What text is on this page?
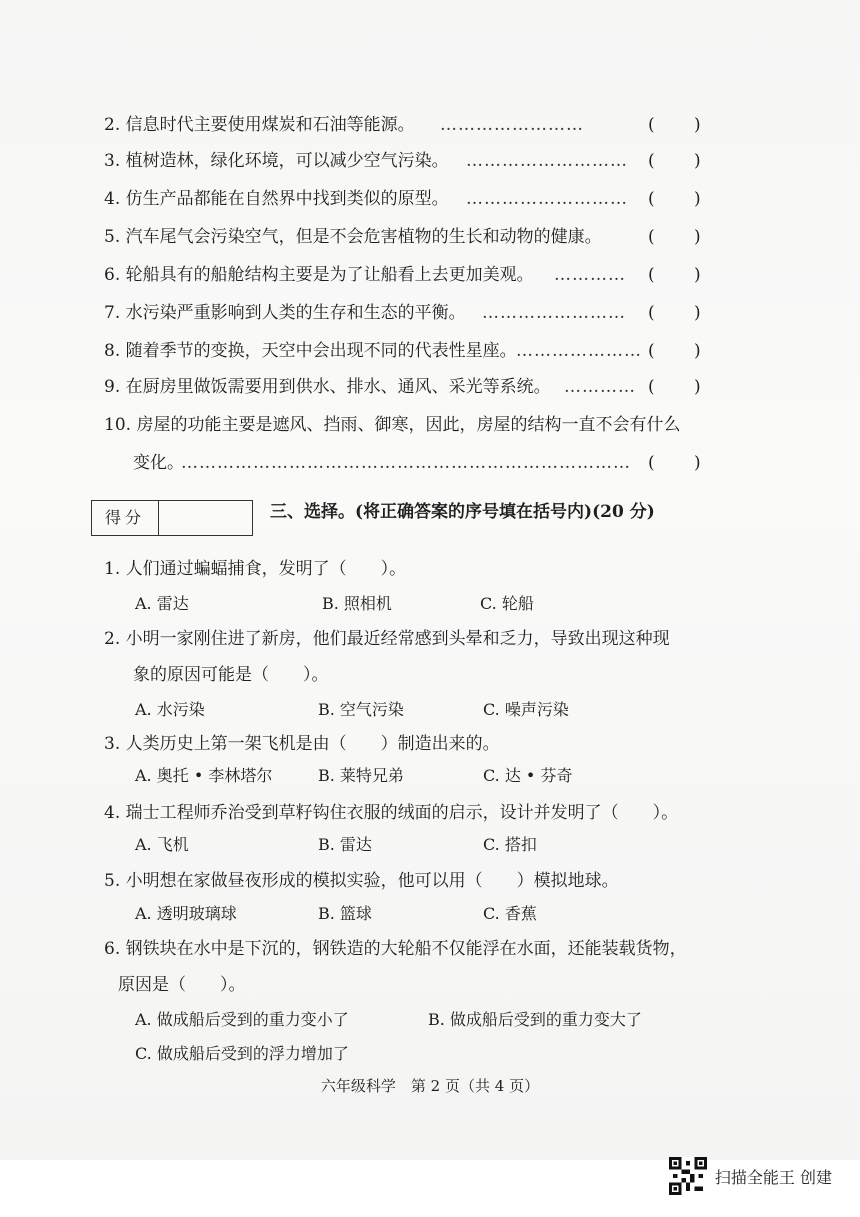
2. 信息时代主要使用煤炭和石油等能源。 ……………………	( )
3. 植树造林，绿化环境，可以减少空气污染。 ……………………… ( )
4. 仿生产品都能在自然界中找到类似的原型。 ……………………… ( )
5. 汽车尾气会污染空气，但是不会危害植物的生长和动物的健康。	( )
6. 轮船具有的船舱结构主要是为了让船看上去更加美观。 ………… ( )
7. 水污染严重影响到人类的生存和生态的平衡。 …………………… ( )
8. 随着季节的变换，天空中会出现不同的代表性星座。 ………………… ( )
9. 在厨房里做饭需要用到供水、排水、通风、采光等系统。 ………… ( )
10. 房屋的功能主要是遮风、挡雨、御寒，因此，房屋的结构一直不会有什么
变化。
…………………………………………………………………	( )
得分	三、选择。(将正确答案的序号填在括号内)(20 分)
1. 人们通过蝙蝠捕食，发明了（　　）。
A. 雷达	B. 照相机	C. 轮船
2. 小明一家刚住进了新房，他们最近经常感到头晕和乏力，导致出现这种现
象的原因可能是（　　）。
A. 水污染	B. 空气污染	C. 噪声污染
3. 人类历史上第一架飞机是由（　　）制造出来的。
A. 奥托 • 李林塔尔	B. 莱特兄弟	C. 达 • 芬奇
4. 瑞士工程师乔治受到草籽钩住衣服的绒面的启示，设计并发明了（　　）。
A. 飞机	B. 雷达	C. 搭扣
5. 小明想在家做昼夜形成的模拟实验，他可以用（　　）模拟地球。
A. 透明玻璃球	B. 篮球	C. 香蕉
6. 钢铁块在水中是下沉的，钢铁造的大轮船不仅能浮在水面，还能装载货物，
原因是（　　）。
A. 做成船后受到的重力变小了	B. 做成船后受到的重力变大了
C. 做成船后受到的浮力增加了
六年级科学　第 2 页（共 4 页）
扫描全能王 创建
